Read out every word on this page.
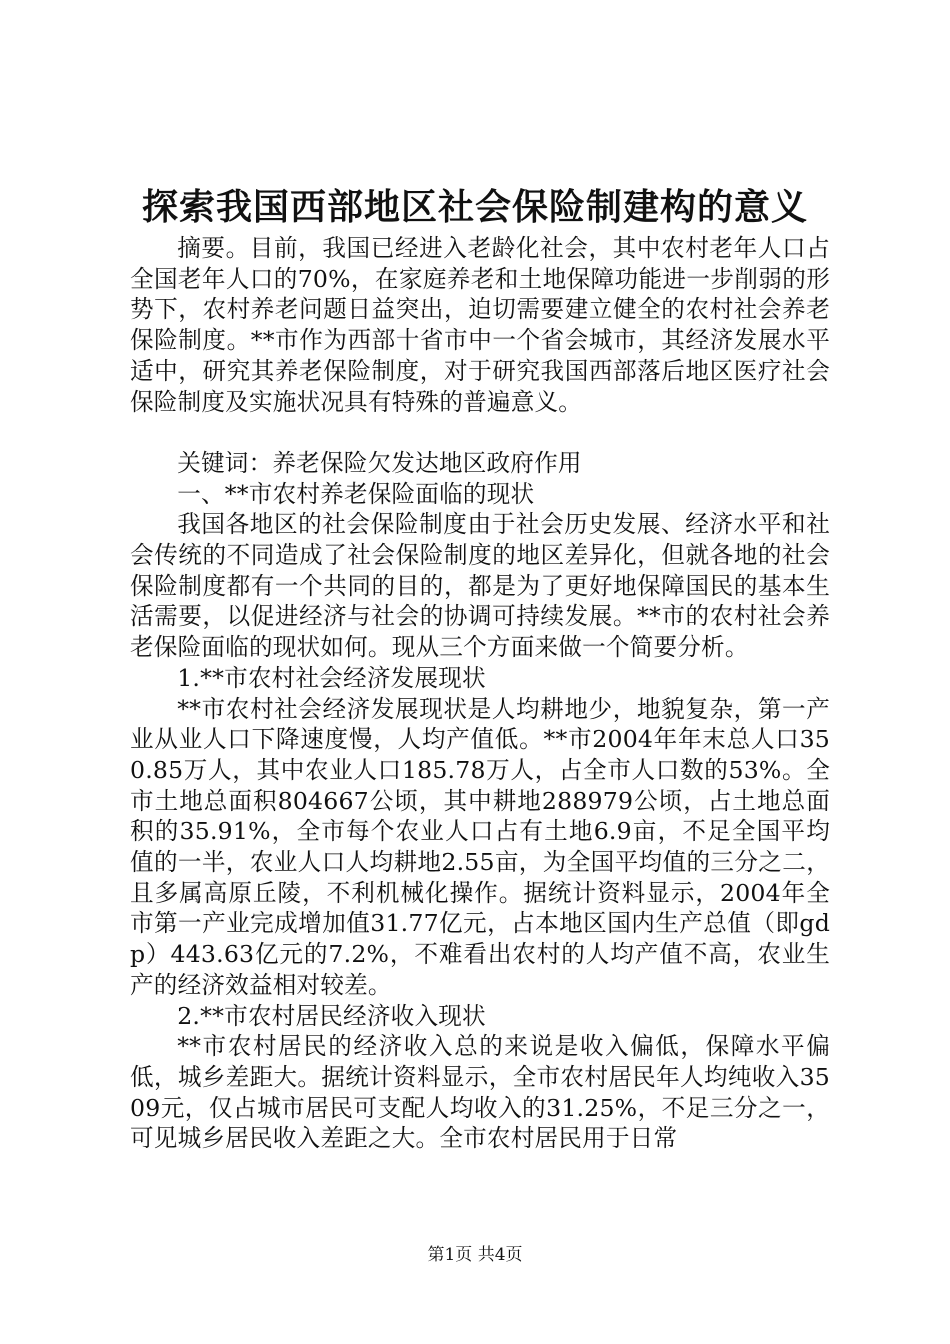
探索我国西部地区社会保险制建构的意义

摘要。目前，我国已经进入老龄化社会，其中农村老年人口占全国老年人口的70%，在家庭养老和土地保障功能进一步削弱的形势下，农村养老问题日益突出，迫切需要建立健全的农村社会养老保险制度。**市作为西部十省市中一个省会城市，其经济发展水平适中，研究其养老保险制度，对于研究我国西部落后地区医疗社会保险制度及实施状况具有特殊的普遍意义。

关键词：养老保险欠发达地区政府作用

一、**市农村养老保险面临的现状

我国各地区的社会保险制度由于社会历史发展、经济水平和社会传统的不同造成了社会保险制度的地区差异化，但就各地的社会保险制度都有一个共同的目的，都是为了更好地保障国民的基本生活需要，以促进经济与社会的协调可持续发展。**市的农村社会养老保险面临的现状如何。现从三个方面来做一个简要分析。

1.**市农村社会经济发展现状

**市农村社会经济发展现状是人均耕地少，地貌复杂，第一产业从业人口下降速度慢，人均产值低。**市2004年年末总人口350.85万人，其中农业人口185.78万人，占全市人口数的53%。全市土地总面积804667公顷，其中耕地288979公顷，占土地总面积的35.91%，全市每个农业人口占有土地6.9亩，不足全国平均值的一半，农业人口人均耕地2.55亩，为全国平均值的三分之二，且多属高原丘陵，不利机械化操作。据统计资料显示，2004年全市第一产业完成增加值31.77亿元，占本地区国内生产总值（即gdp）443.63亿元的7.2%，不难看出农村的人均产值不高，农业生产的经济效益相对较差。

2.**市农村居民经济收入现状

**市农村居民的经济收入总的来说是收入偏低，保障水平偏低，城乡差距大。据统计资料显示，全市农村居民年人均纯收入3509元，仅占城市居民可支配人均收入的31.25%，不足三分之一，可见城乡居民收入差距之大。全市农村居民用于日常

第1页 共4页
